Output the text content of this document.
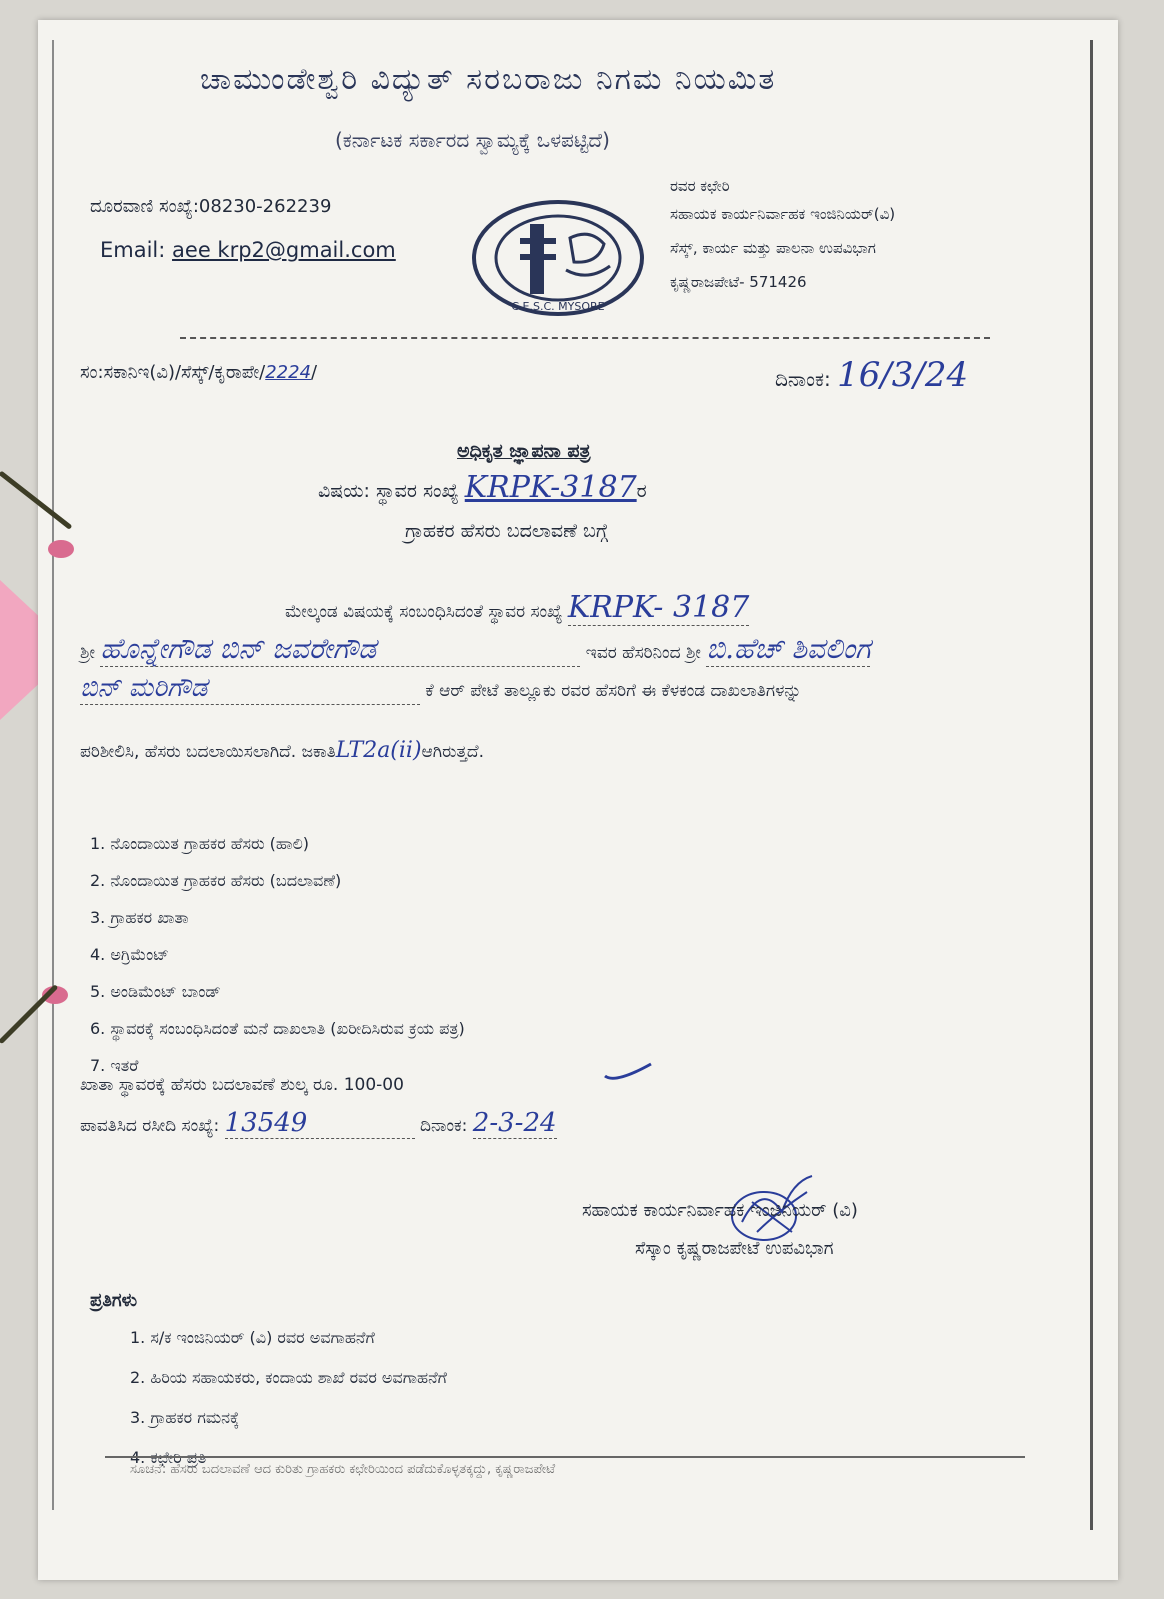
ಚಾಮುಂಡೇಶ್ವರಿ ವಿದ್ಯುತ್ ಸರಬರಾಜು ನಿಗಮ ನಿಯಮಿತ
(ಕರ್ನಾಟಕ ಸರ್ಕಾರದ ಸ್ವಾಮ್ಯಕ್ಕೆ ಒಳಪಟ್ಟಿದೆ)
ದೂರವಾಣಿ ಸಂಖ್ಯೆ:08230-262239
Email: aee krp2@gmail.com
C.E.S.C. MYSORE
ರವರ ಕಛೇರಿ
ಸಹಾಯಕ ಕಾರ್ಯನಿರ್ವಾಹಕ ಇಂಜಿನಿಯರ್(ವಿ)
ಸೆಸ್ಕ್, ಕಾರ್ಯ ಮತ್ತು ಪಾಲನಾ ಉಪವಿಭಾಗ
ಕೃಷ್ಣರಾಜಪೇಟೆ- 571426
ಸಂ:ಸಕಾನಿಇ(ವಿ)/ಸೆಸ್ಕ್/ಕೃರಾಪೇ/2224/	ದಿನಾಂಕ: 16/3/24
ಅಧಿಕೃತ ಜ್ಞಾಪನಾ ಪತ್ರ
ವಿಷಯ: ಸ್ಥಾವರ ಸಂಖ್ಯೆ KRPK-3187ರ
ಗ್ರಾಹಕರ ಹೆಸರು ಬದಲಾವಣೆ ಬಗ್ಗೆ
ಮೇಲ್ಕಂಡ ವಿಷಯಕ್ಕೆ ಸಂಬಂಧಿಸಿದಂತೆ ಸ್ಥಾವರ ಸಂಖ್ಯೆ KRPK- 3187
ಶ್ರೀ ಹೊನ್ನೇಗೌಡ ಬಿನ್ ಜವರೇಗೌಡ	ಇವರ ಹೆಸರಿನಿಂದ ಶ್ರೀ ಬಿ.ಹೆಚ್ ಶಿವಲಿಂಗ
ಬಿನ್ ಮರಿಗೌಡ	ಕೆ ಆರ್ ಪೇಟೆ ತಾಲ್ಲೂಕು ರವರ ಹೆಸರಿಗೆ ಈ ಕೆಳಕಂಡ ದಾಖಲಾತಿಗಳನ್ನು
ಪರಿಶೀಲಿಸಿ, ಹೆಸರು ಬದಲಾಯಿಸಲಾಗಿದೆ. ಜಕಾತಿLT2a(ii)ಆಗಿರುತ್ತದೆ.
1. ನೊಂದಾಯಿತ ಗ್ರಾಹಕರ ಹೆಸರು (ಹಾಲಿ)
2. ನೊಂದಾಯಿತ ಗ್ರಾಹಕರ ಹೆಸರು (ಬದಲಾವಣೆ)
3. ಗ್ರಾಹಕರ ಖಾತಾ
4. ಅಗ್ರಿಮೆಂಟ್
5. ಅಂಡಿಮೆಂಟ್ ಬಾಂಡ್
6. ಸ್ಥಾವರಕ್ಕೆ ಸಂಬಂಧಿಸಿದಂತೆ ಮನೆ ದಾಖಲಾತಿ (ಖರೀದಿಸಿರುವ ಕ್ರಯ ಪತ್ರ)
7. ಇತರೆ
ಖಾತಾ ಸ್ಥಾವರಕ್ಕೆ ಹೆಸರು ಬದಲಾವಣೆ ಶುಲ್ಕ ರೂ. 100-00
ಪಾವತಿಸಿದ ರಸೀದಿ ಸಂಖ್ಯೆ: 13549	ದಿನಾಂಕ: 2-3-24
ಸಹಾಯಕ ಕಾರ್ಯನಿರ್ವಾಹಕ ಇಂಜಿನಿಯರ್ (ವಿ)
ಸೆಸ್ಕಾಂ ಕೃಷ್ಣರಾಜಪೇಟೆ ಉಪವಿಭಾಗ
ಪ್ರತಿಗಳು
1. ಸ/ಕ ಇಂಜಿನಿಯರ್ (ವಿ) ರವರ ಅವಗಾಹನೆಗೆ
2. ಹಿರಿಯ ಸಹಾಯಕರು, ಕಂದಾಯ ಶಾಖೆ ರವರ ಅವಗಾಹನೆಗೆ
3. ಗ್ರಾಹಕರ ಗಮನಕ್ಕೆ
4. ಕಛೇರಿ ಪ್ರತಿ
ಸೂಚನೆ: ಹೆಸರು ಬದಲಾವಣೆ ಆದ ಕುರಿತು ಗ್ರಾಹಕರು ಕಛೇರಿಯಿಂದ ಪಡೆದುಕೊಳ್ಳತಕ್ಕದ್ದು, ಕೃಷ್ಣರಾಜಪೇಟೆ
